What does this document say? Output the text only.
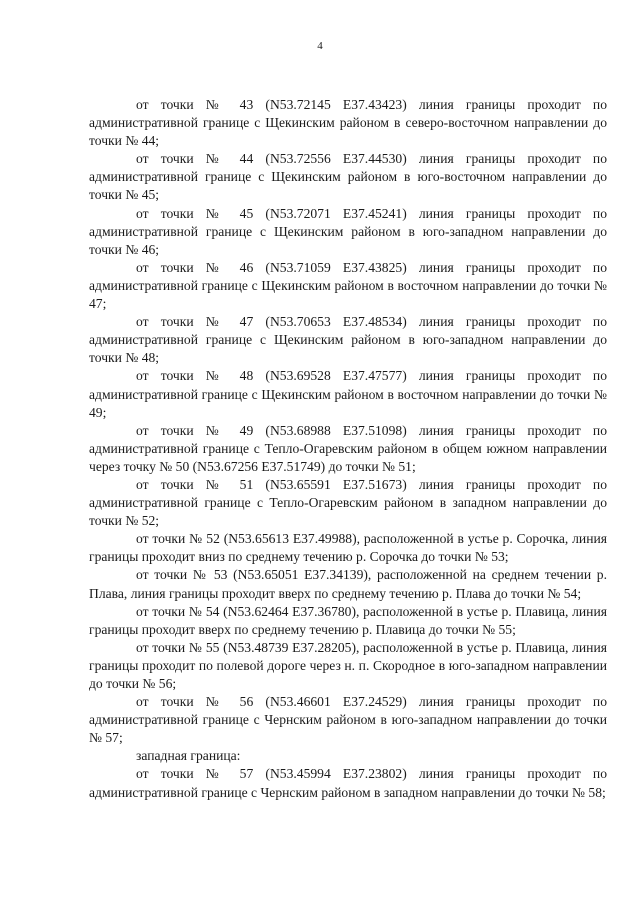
4

от точки № 43 (N53.72145 E37.43423) линия границы проходит по административной границе с Щекинским районом в северо-восточном направлении до точки № 44;

от точки № 44 (N53.72556 E37.44530) линия границы проходит по административной границе с Щекинским районом в юго-восточном направлении до точки № 45;

от точки № 45 (N53.72071 E37.45241) линия границы проходит по административной границе с Щекинским районом в юго-западном направлении до точки № 46;

от точки № 46 (N53.71059 E37.43825) линия границы проходит по административной границе с Щекинским районом в восточном направлении до точки № 47;

от точки № 47 (N53.70653 E37.48534) линия границы проходит по административной границе с Щекинским районом в юго-западном направлении до точки № 48;

от точки № 48 (N53.69528 E37.47577) линия границы проходит по административной границе с Щекинским районом в восточном направлении до точки № 49;

от точки № 49 (N53.68988 E37.51098) линия границы проходит по административной границе с Тепло-Огаревским районом в общем южном направлении через точку № 50 (N53.67256 E37.51749) до точки № 51;

от точки № 51 (N53.65591 E37.51673) линия границы проходит по административной границе с Тепло-Огаревским районом в западном направлении до точки № 52;

от точки № 52 (N53.65613 E37.49988), расположенной в устье р. Сорочка, линия границы проходит вниз по среднему течению р. Сорочка до точки № 53;

от точки № 53 (N53.65051 E37.34139), расположенной на среднем течении р. Плава, линия границы проходит вверх по среднему течению р. Плава до точки № 54;

от точки № 54 (N53.62464 E37.36780), расположенной в устье р. Плавица, линия границы проходит вверх по среднему течению р. Плавица до точки № 55;

от точки № 55 (N53.48739 E37.28205), расположенной в устье р. Плавица, линия границы проходит по полевой дороге через н. п. Скородное в юго-западном направлении до точки № 56;

от точки № 56 (N53.46601 E37.24529) линия границы проходит по административной границе с Чернским районом в юго-западном направлении до точки № 57;

западная граница:

от точки № 57 (N53.45994 E37.23802) линия границы проходит по административной границе с Чернским районом в западном направлении до точки № 58;
